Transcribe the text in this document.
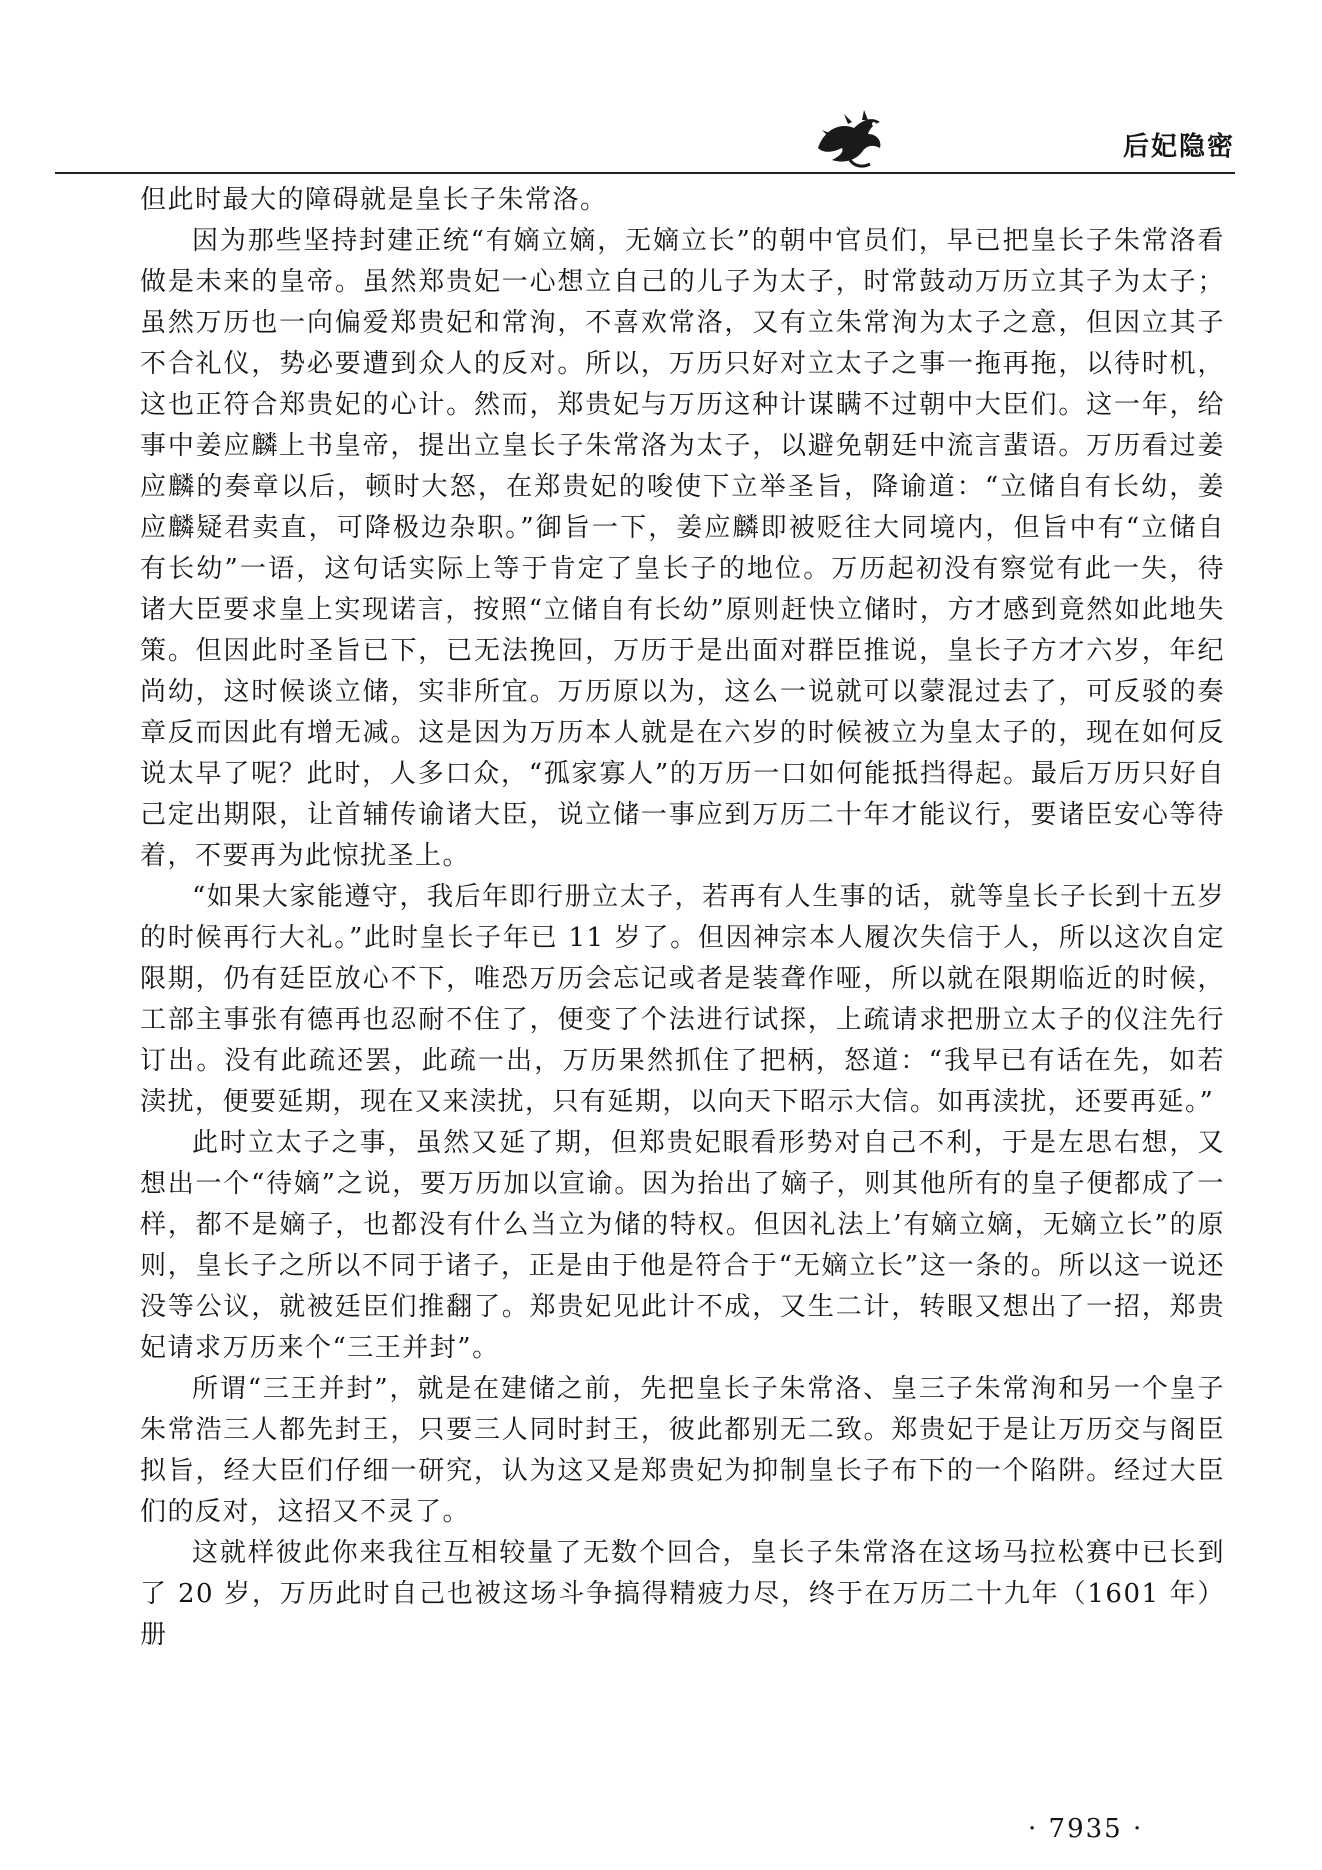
后妃隐密

但此时最大的障碍就是皇长子朱常洛。

因为那些坚持封建正统“有嫡立嫡，无嫡立长”的朝中官员们，早已把皇长子朱常洛看做是未来的皇帝。虽然郑贵妃一心想立自己的儿子为太子，时常鼓动万历立其子为太子；虽然万历也一向偏爱郑贵妃和常洵，不喜欢常洛，又有立朱常洵为太子之意，但因立其子不合礼仪，势必要遭到众人的反对。所以，万历只好对立太子之事一拖再拖，以待时机，这也正符合郑贵妃的心计。然而，郑贵妃与万历这种计谋瞒不过朝中大臣们。这一年，给事中姜应麟上书皇帝，提出立皇长子朱常洛为太子，以避免朝廷中流言蜚语。万历看过姜应麟的奏章以后，顿时大怒，在郑贵妃的唆使下立举圣旨，降谕道：“立储自有长幼，姜应麟疑君卖直，可降极边杂职。”御旨一下，姜应麟即被贬往大同境内，但旨中有“立储自有长幼”一语，这句话实际上等于肯定了皇长子的地位。万历起初没有察觉有此一失，待诸大臣要求皇上实现诺言，按照“立储自有长幼”原则赶快立储时，方才感到竟然如此地失策。但因此时圣旨已下，已无法挽回，万历于是出面对群臣推说，皇长子方才六岁，年纪尚幼，这时候谈立储，实非所宜。万历原以为，这么一说就可以蒙混过去了，可反驳的奏章反而因此有增无减。这是因为万历本人就是在六岁的时候被立为皇太子的，现在如何反说太早了呢？此时，人多口众，“孤家寡人”的万历一口如何能抵挡得起。最后万历只好自己定出期限，让首辅传谕诸大臣，说立储一事应到万历二十年才能议行，要诸臣安心等待着，不要再为此惊扰圣上。

“如果大家能遵守，我后年即行册立太子，若再有人生事的话，就等皇长子长到十五岁的时候再行大礼。”此时皇长子年已 11 岁了。但因神宗本人履次失信于人，所以这次自定限期，仍有廷臣放心不下，唯恐万历会忘记或者是装聋作哑，所以就在限期临近的时候，工部主事张有德再也忍耐不住了，便变了个法进行试探，上疏请求把册立太子的仪注先行订出。没有此疏还罢，此疏一出，万历果然抓住了把柄，怒道：“我早已有话在先，如若渎扰，便要延期，现在又来渎扰，只有延期，以向天下昭示大信。如再渎扰，还要再延。”

此时立太子之事，虽然又延了期，但郑贵妃眼看形势对自己不利，于是左思右想，又想出一个“待嫡”之说，要万历加以宣谕。因为抬出了嫡子，则其他所有的皇子便都成了一样，都不是嫡子，也都没有什么当立为储的特权。但因礼法上’有嫡立嫡，无嫡立长”的原则，皇长子之所以不同于诸子，正是由于他是符合于“无嫡立长”这一条的。所以这一说还没等公议，就被廷臣们推翻了。郑贵妃见此计不成，又生二计，转眼又想出了一招，郑贵妃请求万历来个“三王并封”。

所谓“三王并封”，就是在建储之前，先把皇长子朱常洛、皇三子朱常洵和另一个皇子朱常浩三人都先封王，只要三人同时封王，彼此都别无二致。郑贵妃于是让万历交与阁臣拟旨，经大臣们仔细一研究，认为这又是郑贵妃为抑制皇长子布下的一个陷阱。经过大臣们的反对，这招又不灵了。

这就样彼此你来我往互相较量了无数个回合，皇长子朱常洛在这场马拉松赛中已长到了 20 岁，万历此时自己也被这场斗争搞得精疲力尽，终于在万历二十九年（1601 年）册

· 7935 ·
